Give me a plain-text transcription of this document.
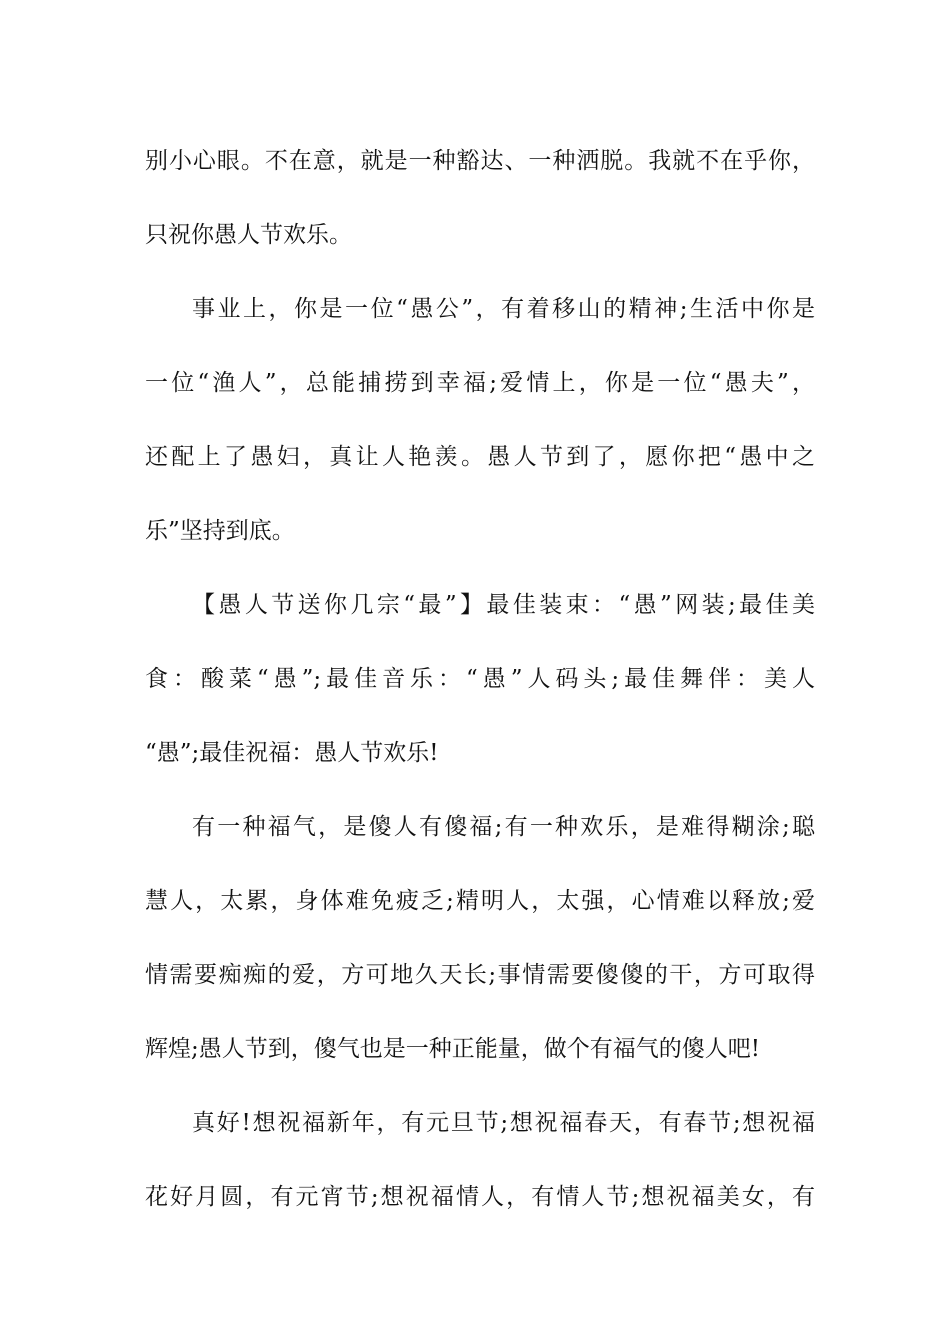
别小心眼。不在意，就是一种豁达、一种洒脱。我就不在乎你，
只祝你愚人节欢乐。
事业上，你是一位“愚公”，有着移山的精神;生活中你是
一位“渔人”，总能捕捞到幸福;爱情上，你是一位“愚夫”，
还配上了愚妇，真让人艳羡。愚人节到了，愿你把“愚中之
乐”坚持到底。
【愚人节送你几宗“最”】最佳装束：“愚”网装;最佳美
食：酸菜“愚”;最佳音乐：“愚”人码头;最佳舞伴：美人
“愚”;最佳祝福：愚人节欢乐!
有一种福气，是傻人有傻福;有一种欢乐，是难得糊涂;聪
慧人，太累，身体难免疲乏;精明人，太强，心情难以释放;爱
情需要痴痴的爱，方可地久天长;事情需要傻傻的干，方可取得
辉煌;愚人节到，傻气也是一种正能量，做个有福气的傻人吧!
真好!想祝福新年，有元旦节;想祝福春天，有春节;想祝福
花好月圆，有元宵节;想祝福情人，有情人节;想祝福美女，有
